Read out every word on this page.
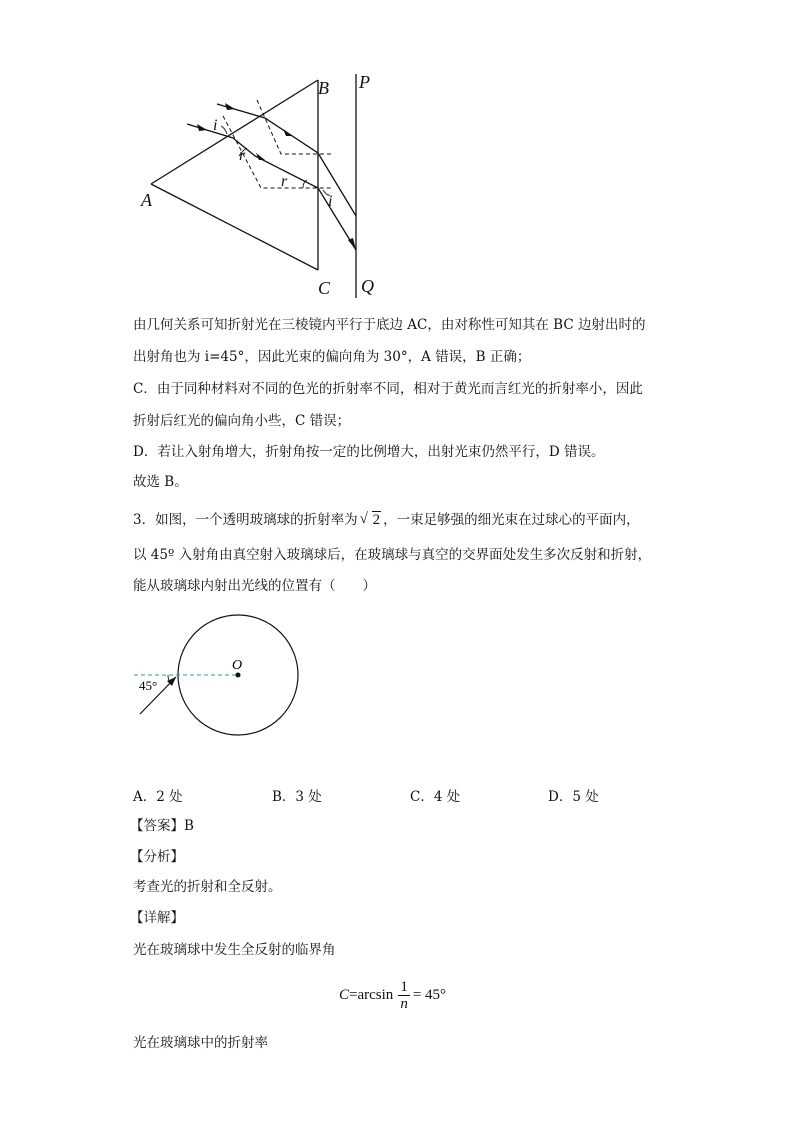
A
B
C
P
Q
i
r
r
i
由几何关系可知折射光在三棱镜内平行于底边 AC，由对称性可知其在 BC 边射出时的
出射角也为 i=45°，因此光束的偏向角为 30°，A 错误，B 正确；
C．由于同种材料对不同的色光的折射率不同，相对于黄光而言红光的折射率小，因此
折射后红光的偏向角小些，C 错误；
D．若让入射角增大，折射角按一定的比例增大，出射光束仍然平行，D 错误。
故选 B。
3．如图，一个透明玻璃球的折射率为 √ 2 ，一束足够强的细光束在过球心的平面内，
以 45º 入射角由真空射入玻璃球后，在玻璃球与真空的交界面处发生多次反射和折射，
能从玻璃球内射出光线的位置有（　　）
O
45°
A．2 处	B．3 处	C．4 处	D．5 处
【答案】B
【分析】
考查光的折射和全反射。
【详解】
光在玻璃球中发生全反射的临界角
$C = \arcsin \frac{1}{n} = 45^\circ$
光在玻璃球中的折射率
